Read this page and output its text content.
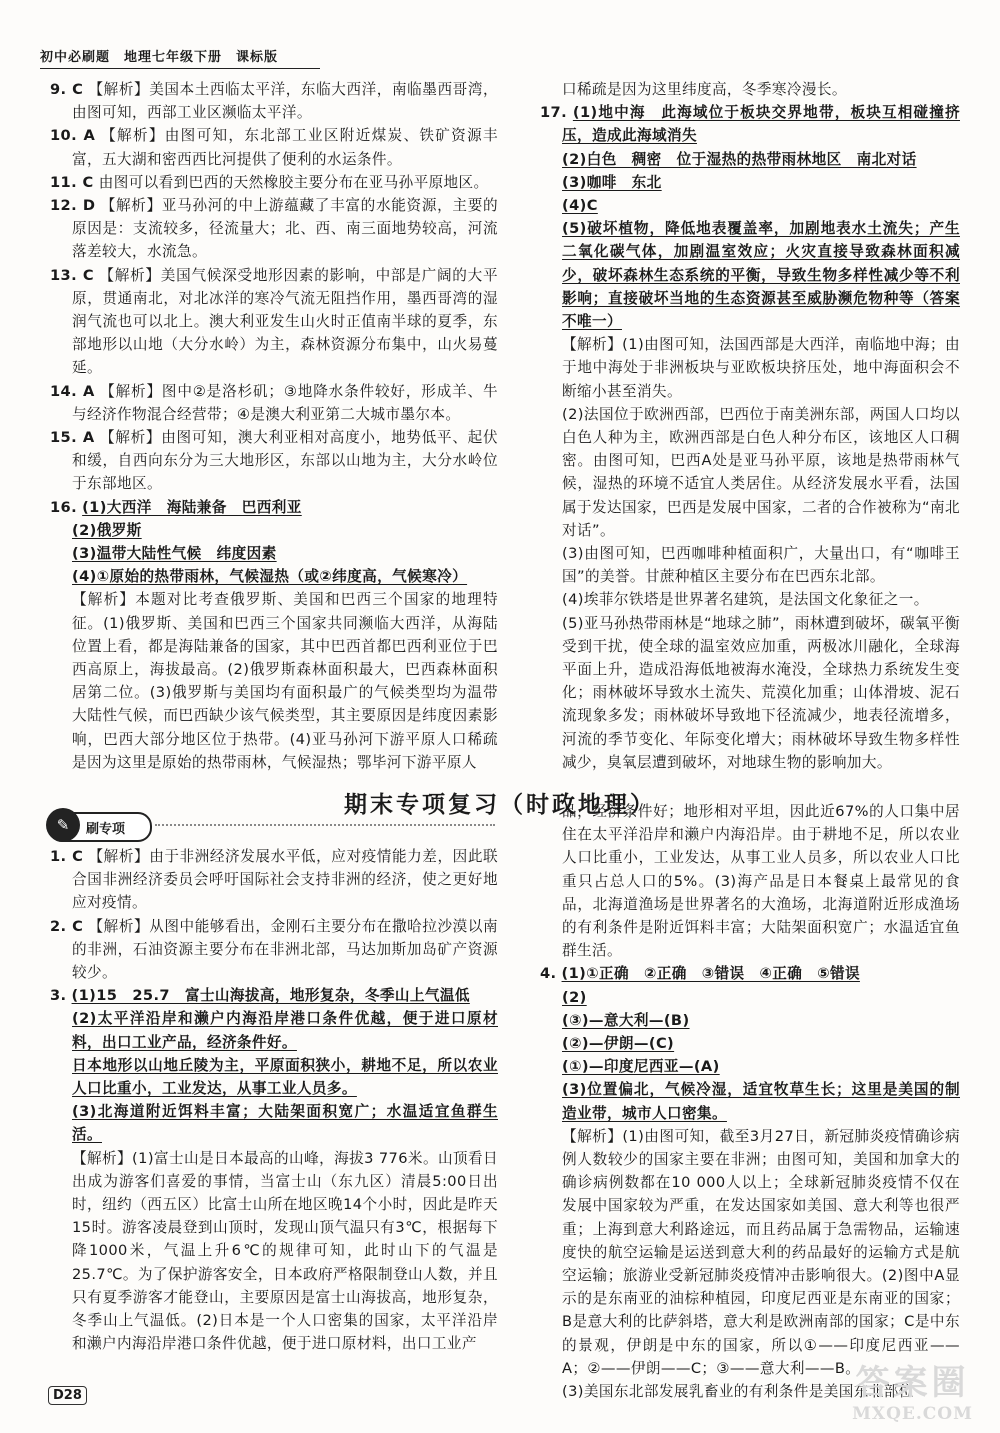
初中必刷题　地理七年级下册　课标版

9. C 【解析】美国本土西临太平洋，东临大西洋，南临墨西哥湾，由图可知，西部工业区濒临太平洋。

10. A 【解析】由图可知，东北部工业区附近煤炭、铁矿资源丰富，五大湖和密西西比河提供了便利的水运条件。

11. C 由图可以看到巴西的天然橡胶主要分布在亚马孙平原地区。

12. D 【解析】亚马孙河的中上游蕴藏了丰富的水能资源，主要的原因是：支流较多，径流量大；北、西、南三面地势较高，河流落差较大，水流急。

13. C 【解析】美国气候深受地形因素的影响，中部是广阔的大平原，贯通南北，对北冰洋的寒冷气流无阻挡作用，墨西哥湾的湿润气流也可以北上。澳大利亚发生山火时正值南半球的夏季，东部地形以山地（大分水岭）为主，森林资源分布集中，山火易蔓延。

14. A 【解析】图中②是洛杉矶；③地降水条件较好，形成羊、牛与经济作物混合经营带；④是澳大利亚第二大城市墨尔本。

15. A 【解析】由图可知，澳大利亚相对高度小，地势低平、起伏和缓，自西向东分为三大地形区，东部以山地为主，大分水岭位于东部地区。

16. (1)大西洋　海陆兼备　巴西利亚

(2)俄罗斯

(3)温带大陆性气候　纬度因素

(4)①原始的热带雨林，气候湿热（或②纬度高，气候寒冷）

【解析】本题对比考查俄罗斯、美国和巴西三个国家的地理特征。(1)俄罗斯、美国和巴西三个国家共同濒临大西洋，从海陆位置上看，都是海陆兼备的国家，其中巴西首都巴西利亚位于巴西高原上，海拔最高。(2)俄罗斯森林面积最大，巴西森林面积居第二位。(3)俄罗斯与美国均有面积最广的气候类型均为温带大陆性气候，而巴西缺少该气候类型，其主要原因是纬度因素影响，巴西大部分地区位于热带。(4)亚马孙河下游平原人口稀疏是因为这里是原始的热带雨林，气候湿热；鄂毕河下游平原人

口稀疏是因为这里纬度高，冬季寒冷漫长。

17. (1)地中海　此海域位于板块交界地带，板块互相碰撞挤压，造成此海域消失

(2)白色　稠密　位于湿热的热带雨林地区　南北对话

(3)咖啡　东北

(4)C

(5)破坏植物，降低地表覆盖率，加剧地表水土流失；产生二氧化碳气体，加剧温室效应；火灾直接导致森林面积减少，破坏森林生态系统的平衡，导致生物多样性减少等不利影响；直接破坏当地的生态资源甚至威胁濒危物种等（答案不唯一）

【解析】(1)由图可知，法国西部是大西洋，南临地中海；由于地中海处于非洲板块与亚欧板块挤压处，地中海面积会不断缩小甚至消失。

(2)法国位于欧洲西部，巴西位于南美洲东部，两国人口均以白色人种为主，欧洲西部是白色人种分布区，该地区人口稠密。由图可知，巴西A处是亚马孙平原，该地是热带雨林气候，湿热的环境不适宜人类居住。从经济发展水平看，法国属于发达国家，巴西是发展中国家，二者的合作被称为“南北对话”。

(3)由图可知，巴西咖啡种植面积广，大量出口，有“咖啡王国”的美誉。甘蔗种植区主要分布在巴西东北部。

(4)埃菲尔铁塔是世界著名建筑，是法国文化象征之一。

(5)亚马孙热带雨林是“地球之肺”，雨林遭到破坏，碳氧平衡受到干扰，使全球的温室效应加重，两极冰川融化，全球海平面上升，造成沿海低地被海水淹没，全球热力系统发生变化；雨林破坏导致水土流失、荒漠化加重；山体滑坡、泥石流现象多发；雨林破坏导致地下径流减少，地表径流增多，河流的季节变化、年际变化增大；雨林破坏导致生物多样性减少，臭氧层遭到破坏，对地球生物的影响加大。

期末专项复习（时政地理）
✎	刷专项

1. C 【解析】由于非洲经济发展水平低，应对疫情能力差，因此联合国非洲经济委员会呼吁国际社会支持非洲的经济，使之更好地应对疫情。

2. C 【解析】从图中能够看出，金刚石主要分布在撒哈拉沙漠以南的非洲，石油资源主要分布在非洲北部，马达加斯加岛矿产资源较少。

3. (1)15　25.7　富士山海拔高，地形复杂，冬季山上气温低

(2)太平洋沿岸和濑户内海沿岸港口条件优越，便于进口原材料，出口工业产品，经济条件好。

日本地形以山地丘陵为主，平原面积狭小，耕地不足，所以农业人口比重小，工业发达，从事工业人员多。

(3)北海道附近饵料丰富；大陆架面积宽广；水温适宜鱼群生活。

【解析】(1)富士山是日本最高的山峰，海拔3 776米。山顶看日出成为游客们喜爱的事情，当富士山（东九区）清晨5:00日出时，纽约（西五区）比富士山所在地区晚14个小时，因此是昨天15时。游客凌晨登到山顶时，发现山顶气温只有3℃，根据每下降1000米，气温上升6℃的规律可知，此时山下的气温是25.7℃。为了保护游客安全，日本政府严格限制登山人数，并且只有夏季游客才能登山，主要原因是富士山海拔高，地形复杂，冬季山上气温低。(2)日本是一个人口密集的国家，太平洋沿岸和濑户内海沿岸港口条件优越，便于进口原材料，出口工业产

品，经济条件好；地形相对平坦，因此近67%的人口集中居住在太平洋沿岸和濑户内海沿岸。由于耕地不足，所以农业人口比重小，工业发达，从事工业人员多，所以农业人口比重只占总人口的5%。(3)海产品是日本餐桌上最常见的食品，北海道渔场是世界著名的大渔场，北海道附近形成渔场的有利条件是附近饵料丰富；大陆架面积宽广；水温适宜鱼群生活。

4. (1)①正确　②正确　③错误　④正确　⑤错误

(2)

(③)—意大利—(B)

(②)—伊朗—(C)

(①)—印度尼西亚—(A)

(3)位置偏北，气候冷湿，适宜牧草生长；这里是美国的制造业带，城市人口密集。

【解析】(1)由图可知，截至3月27日，新冠肺炎疫情确诊病例人数较少的国家主要在非洲；由图可知，美国和加拿大的确诊病例数都在10 000人以上；全球新冠肺炎疫情不仅在发展中国家较为严重，在发达国家如美国、意大利等也很严重；上海到意大利路途远，而且药品属于急需物品，运输速度快的航空运输是运送到意大利的药品最好的运输方式是航空运输；旅游业受新冠肺炎疫情冲击影响很大。(2)图中A显示的是东南亚的油棕种植园，印度尼西亚是东南亚的国家；B是意大利的比萨斜塔，意大利是欧洲南部的国家；C是中东的景观，伊朗是中东的国家，所以①——印度尼西亚——A；②——伊朗——C；③——意大利——B。

(3)美国东北部发展乳畜业的有利条件是美国东北部位

D28	答案圈
MXQE.COM
